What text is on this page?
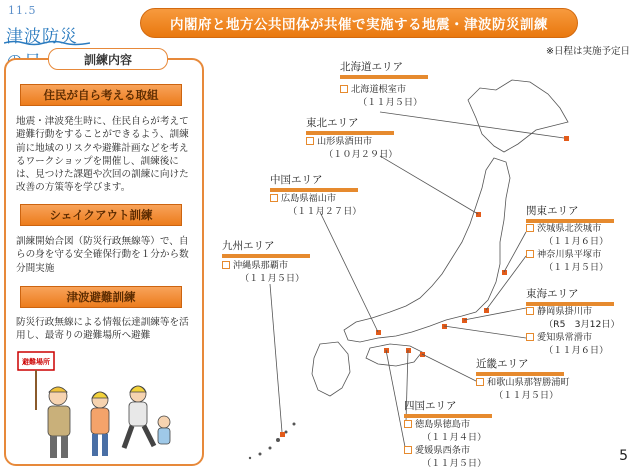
11.5
津波防災
内閣府と地方公共団体が共催で実施する地震・津波防災訓練
※日程は実施予定日
訓練内容
住民が自ら考える取組
地震・津波発生時に、住民自らが考えて避難行動をすることができるよう、訓練前に地域のリスクや避難計画などを考えるワークショップを開催し、訓練後には、見つけた課題や次回の訓練に向けた改善の方策等を学びます。
シェイクアウト訓練
訓練開始合図（防災行政無線等）で、自らの身を守る安全確保行動を１分から数分間実施
津波避難訓練
防災行政無線による情報伝達訓練等を活用し、最寄りの避難場所へ避難
避難場所
北海道エリア
北海道根室市
（１１月５日）
東北エリア
山形県酒田市
（１０月２９日）
中国エリア
広島県福山市
（１１月２７日）
九州エリア
沖縄県那覇市
（１１月５日）
関東エリア
茨城県北茨城市
（１１月６日）
神奈川県平塚市
（１１月５日）
東海エリア
静岡県掛川市
（R5　3月12日）
愛知県常滑市
（１１月６日）
近畿エリア
和歌山県那智勝浦町
（１１月５日）
四国エリア
徳島県徳島市
（１１月４日）
愛媛県西条市
（１１月５日）	5
